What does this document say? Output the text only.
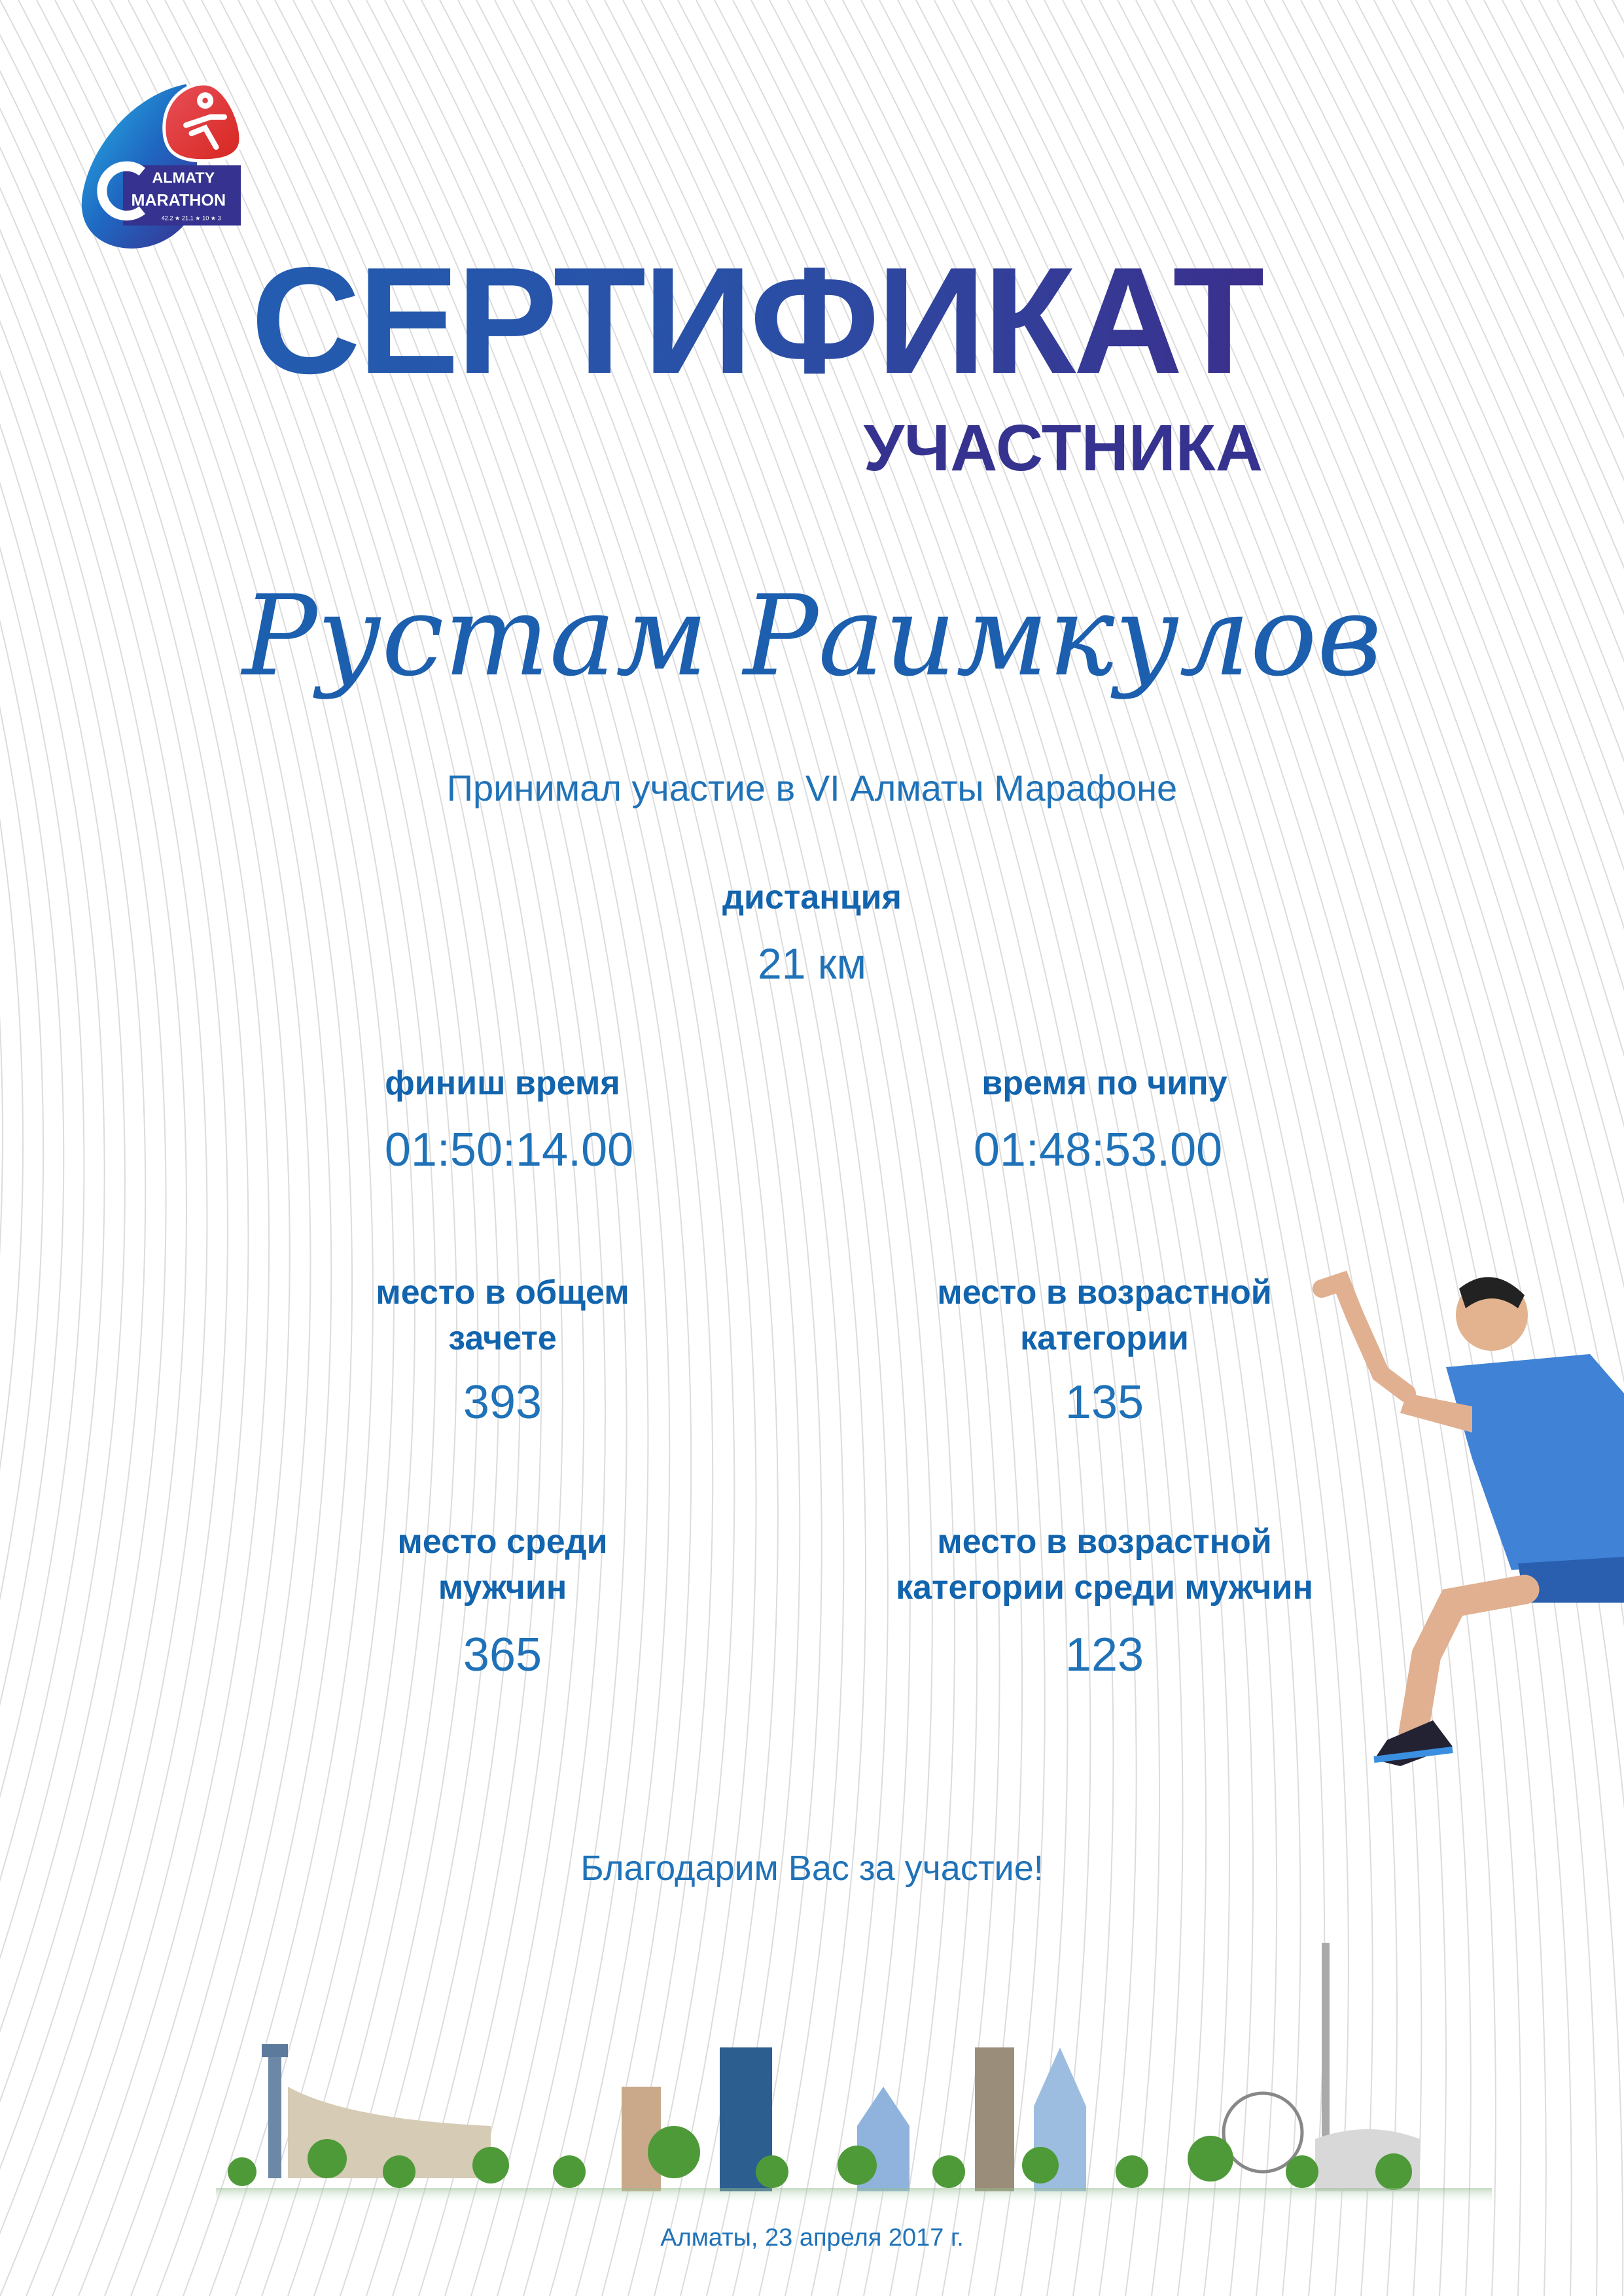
ALMATY
MARATHON
42.2 ★ 21.1 ★ 10 ★ 3
СЕРТИФИКАТ
УЧАСТНИКА
Рустам Раимкулов
Принимал участие в VI Алматы Марафоне
дистанция
21 км
финиш время
01:50:14.00
время по чипу
01:48:53.00
место в общем
зачете
393
место в возрастной
категории
135
место среди
мужчин
365
место в возрастной
категории среди мужчин
123
Благодарим Вас за участие!
Алматы, 23 апреля 2017 г.
